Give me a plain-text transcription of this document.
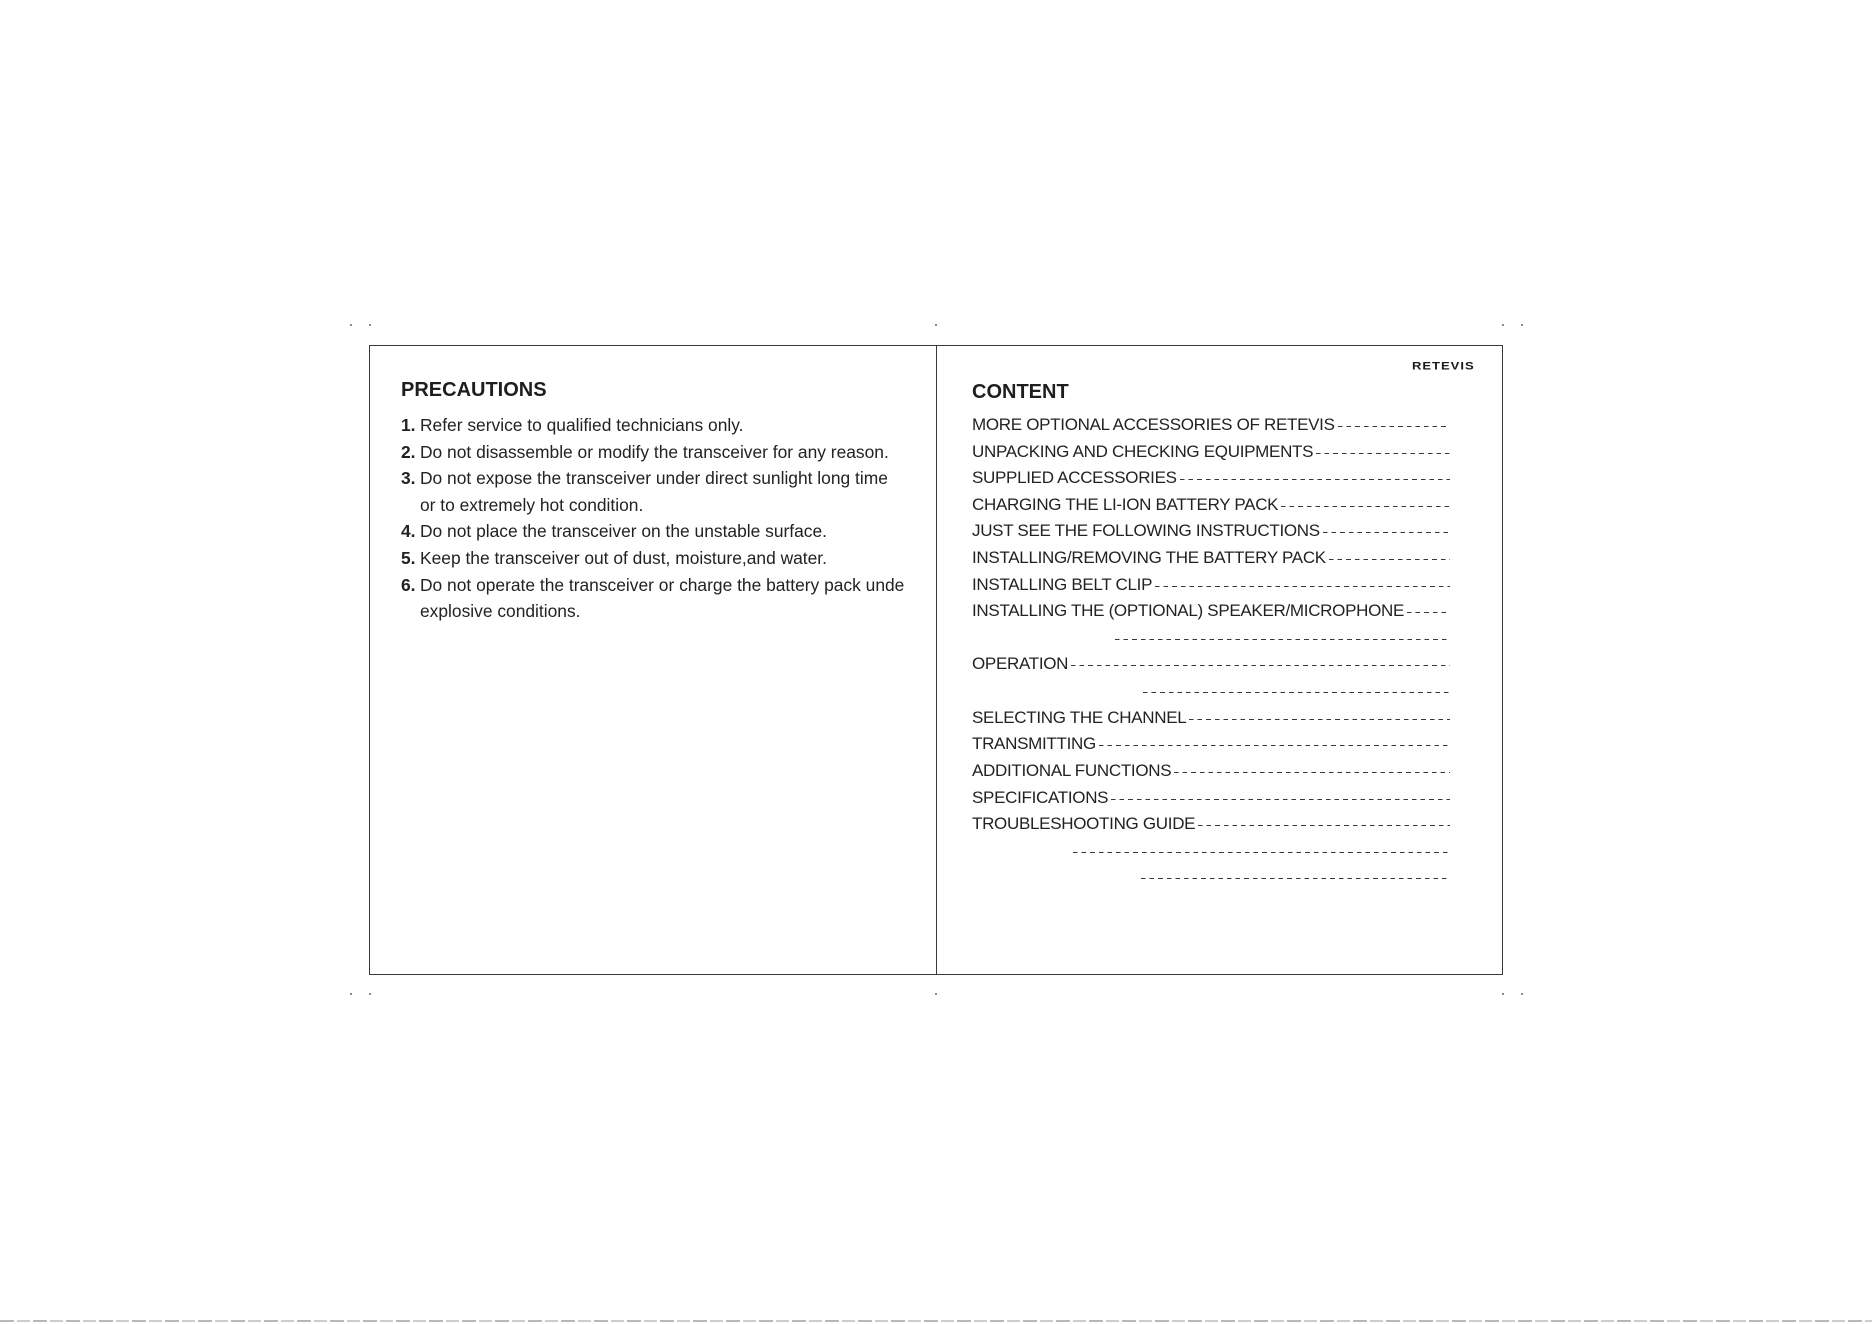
PRECAUTIONS
1. Refer service to qualified technicians only.
2. Do not disassemble or modify the transceiver for any reason.
3. Do not expose the transceiver under direct sunlight long time
or to extremely hot condition.
4. Do not place the transceiver on the unstable surface.
5. Keep the transceiver out of dust, moisture,and water.
6. Do not operate the transceiver or charge the battery pack unde
explosive conditions.
RETEVIS
CONTENT
MORE OPTIONAL ACCESSORIES OF RETEVIS
UNPACKING AND CHECKING EQUIPMENTS
SUPPLIED ACCESSORIES
CHARGING THE LI-ION BATTERY PACK
JUST SEE THE FOLLOWING INSTRUCTIONS
INSTALLING/REMOVING THE BATTERY PACK
INSTALLING BELT CLIP
INSTALLING THE (OPTIONAL) SPEAKER/MICROPHONE
OPERATION
SELECTING THE CHANNEL
TRANSMITTING
ADDITIONAL FUNCTIONS
SPECIFICATIONS
TROUBLESHOOTING GUIDE
